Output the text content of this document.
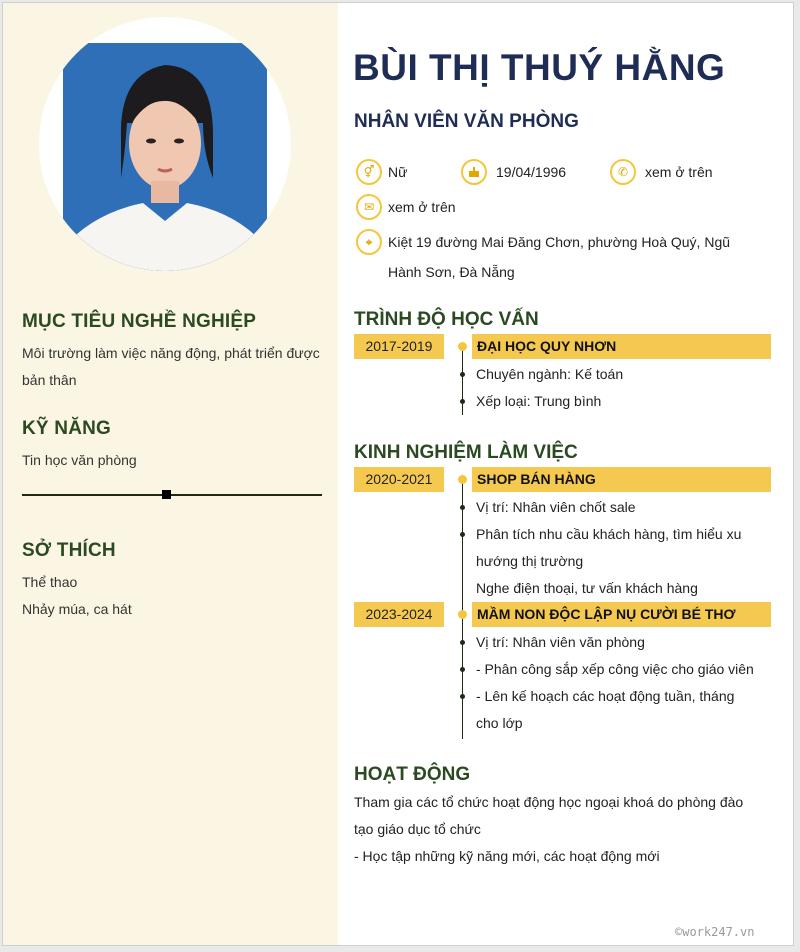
MỤC TIÊU NGHỀ NGHIỆP
Môi trường làm việc năng động, phát triển được
bản thân
KỸ NĂNG
Tin học văn phòng
SỞ THÍCH
Thể thao
Nhảy múa, ca hát
BÙI THỊ THUÝ HẰNG
NHÂN VIÊN VĂN PHÒNG
⚥ Nữ	19/04/1996	✆	xem ở trên
✉ xem ở trên
⌖	Kiệt 19 đường Mai Đăng Chơn, phường Hoà Quý, Ngũ
Hành Sơn, Đà Nẵng
TRÌNH ĐỘ HỌC VẤN
2017-2019	ĐẠI HỌC QUY NHƠN
Chuyên ngành: Kế toán
Xếp loại: Trung bình
KINH NGHIỆM LÀM VIỆC
2020-2021	SHOP BÁN HÀNG
Vị trí: Nhân viên chốt sale
Phân tích nhu cầu khách hàng, tìm hiểu xu
hướng thị trường
Nghe điện thoại, tư vấn khách hàng
2023-2024	MẦM NON ĐỘC LẬP NỤ CƯỜI BÉ THƠ
Vị trí: Nhân viên văn phòng
- Phân công sắp xếp công việc cho giáo viên
- Lên kế hoạch các hoạt động tuần, tháng
cho lớp
HOẠT ĐỘNG
Tham gia các tổ chức hoạt động học ngoại khoá do phòng đào
tạo giáo dục tổ chức
- Học tập những kỹ năng mới, các hoạt động mới
©work247.vn
